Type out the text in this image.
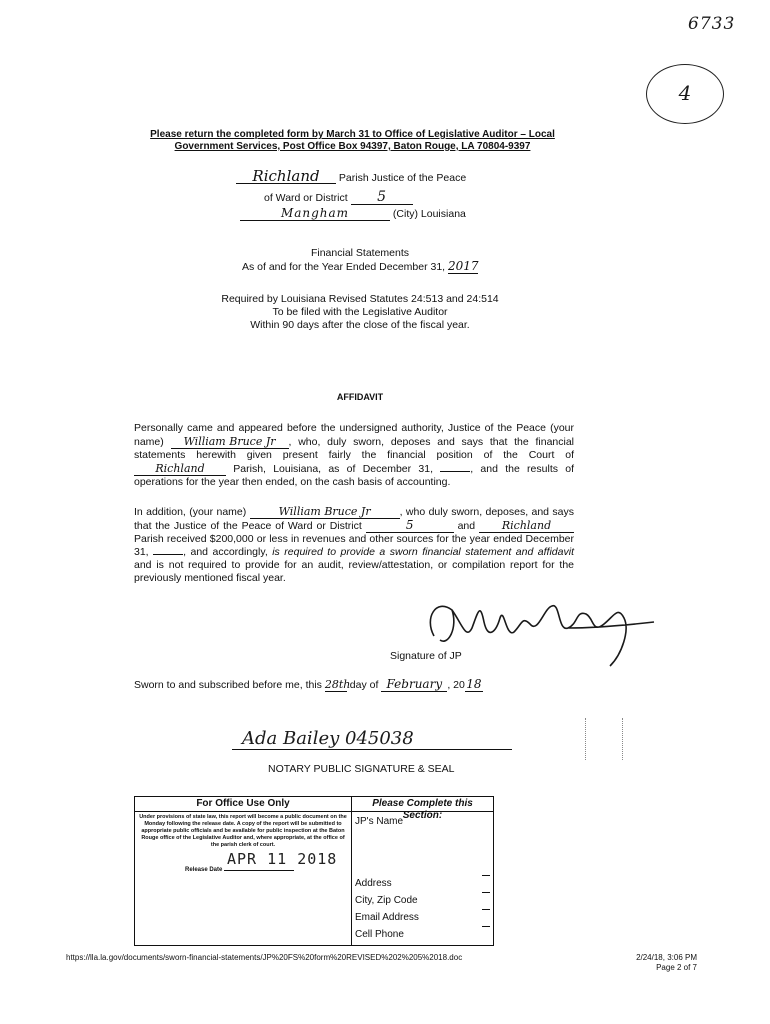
6733
4
Please return the completed form by March 31 to Office of Legislative Auditor – Local
Government Services, Post Office Box 94397, Baton Rouge, LA 70804-9397
Richland Parish Justice of the Peace
of Ward or District 5
Mangham	(City) Louisiana
Financial Statements
As of and for the Year Ended December 31, 2017
Required by Louisiana Revised Statutes 24:513 and 24:514
To be filed with the Legislative Auditor
Within 90 days after the close of the fiscal year.
AFFIDAVIT
Personally came and appeared before the undersigned authority, Justice of the Peace (your name) William Bruce Jr , who, duly sworn, deposes and says that the financial statements herewith given present fairly the financial position of the Court of Richland	Parish, Louisiana, as of December 31,	, and the results of operations for the year then ended, on the cash basis of accounting.
In addition, (your name)	William Bruce Jr	, who duly sworn, deposes, and says that the Justice of the Peace of Ward or District	5	and Richland Parish received $200,000 or less in revenues and other sources for the year ended December 31,	, and accordingly, is required to provide a sworn financial statement and affidavit and is not required to provide for an audit, review/attestation, or compilation report for the previously mentioned fiscal year.
Signature of JP
Sworn to and subscribed before me, this 28th day of February , 2018
Ada Bailey 045038
NOTARY PUBLIC SIGNATURE & SEAL
For Office Use Only	Please Complete this Section:
Under provisions of state law, this report will become a public document on the Monday following the release date. A copy of the report will be submitted to appropriate public officials and be available for public inspection at the Baton Rouge office of the Legislative Auditor and, where appropriate, at the office of the parish clerk of court.
APR 11 2018
Release Date
JP's Name
Address
City, Zip Code
Email Address
Cell Phone
https://lla.la.gov/documents/sworn-financial-statements/JP%20FS%20form%20REVISED%202%205%2018.doc	2/24/18, 3:06 PM
Page 2 of 7
